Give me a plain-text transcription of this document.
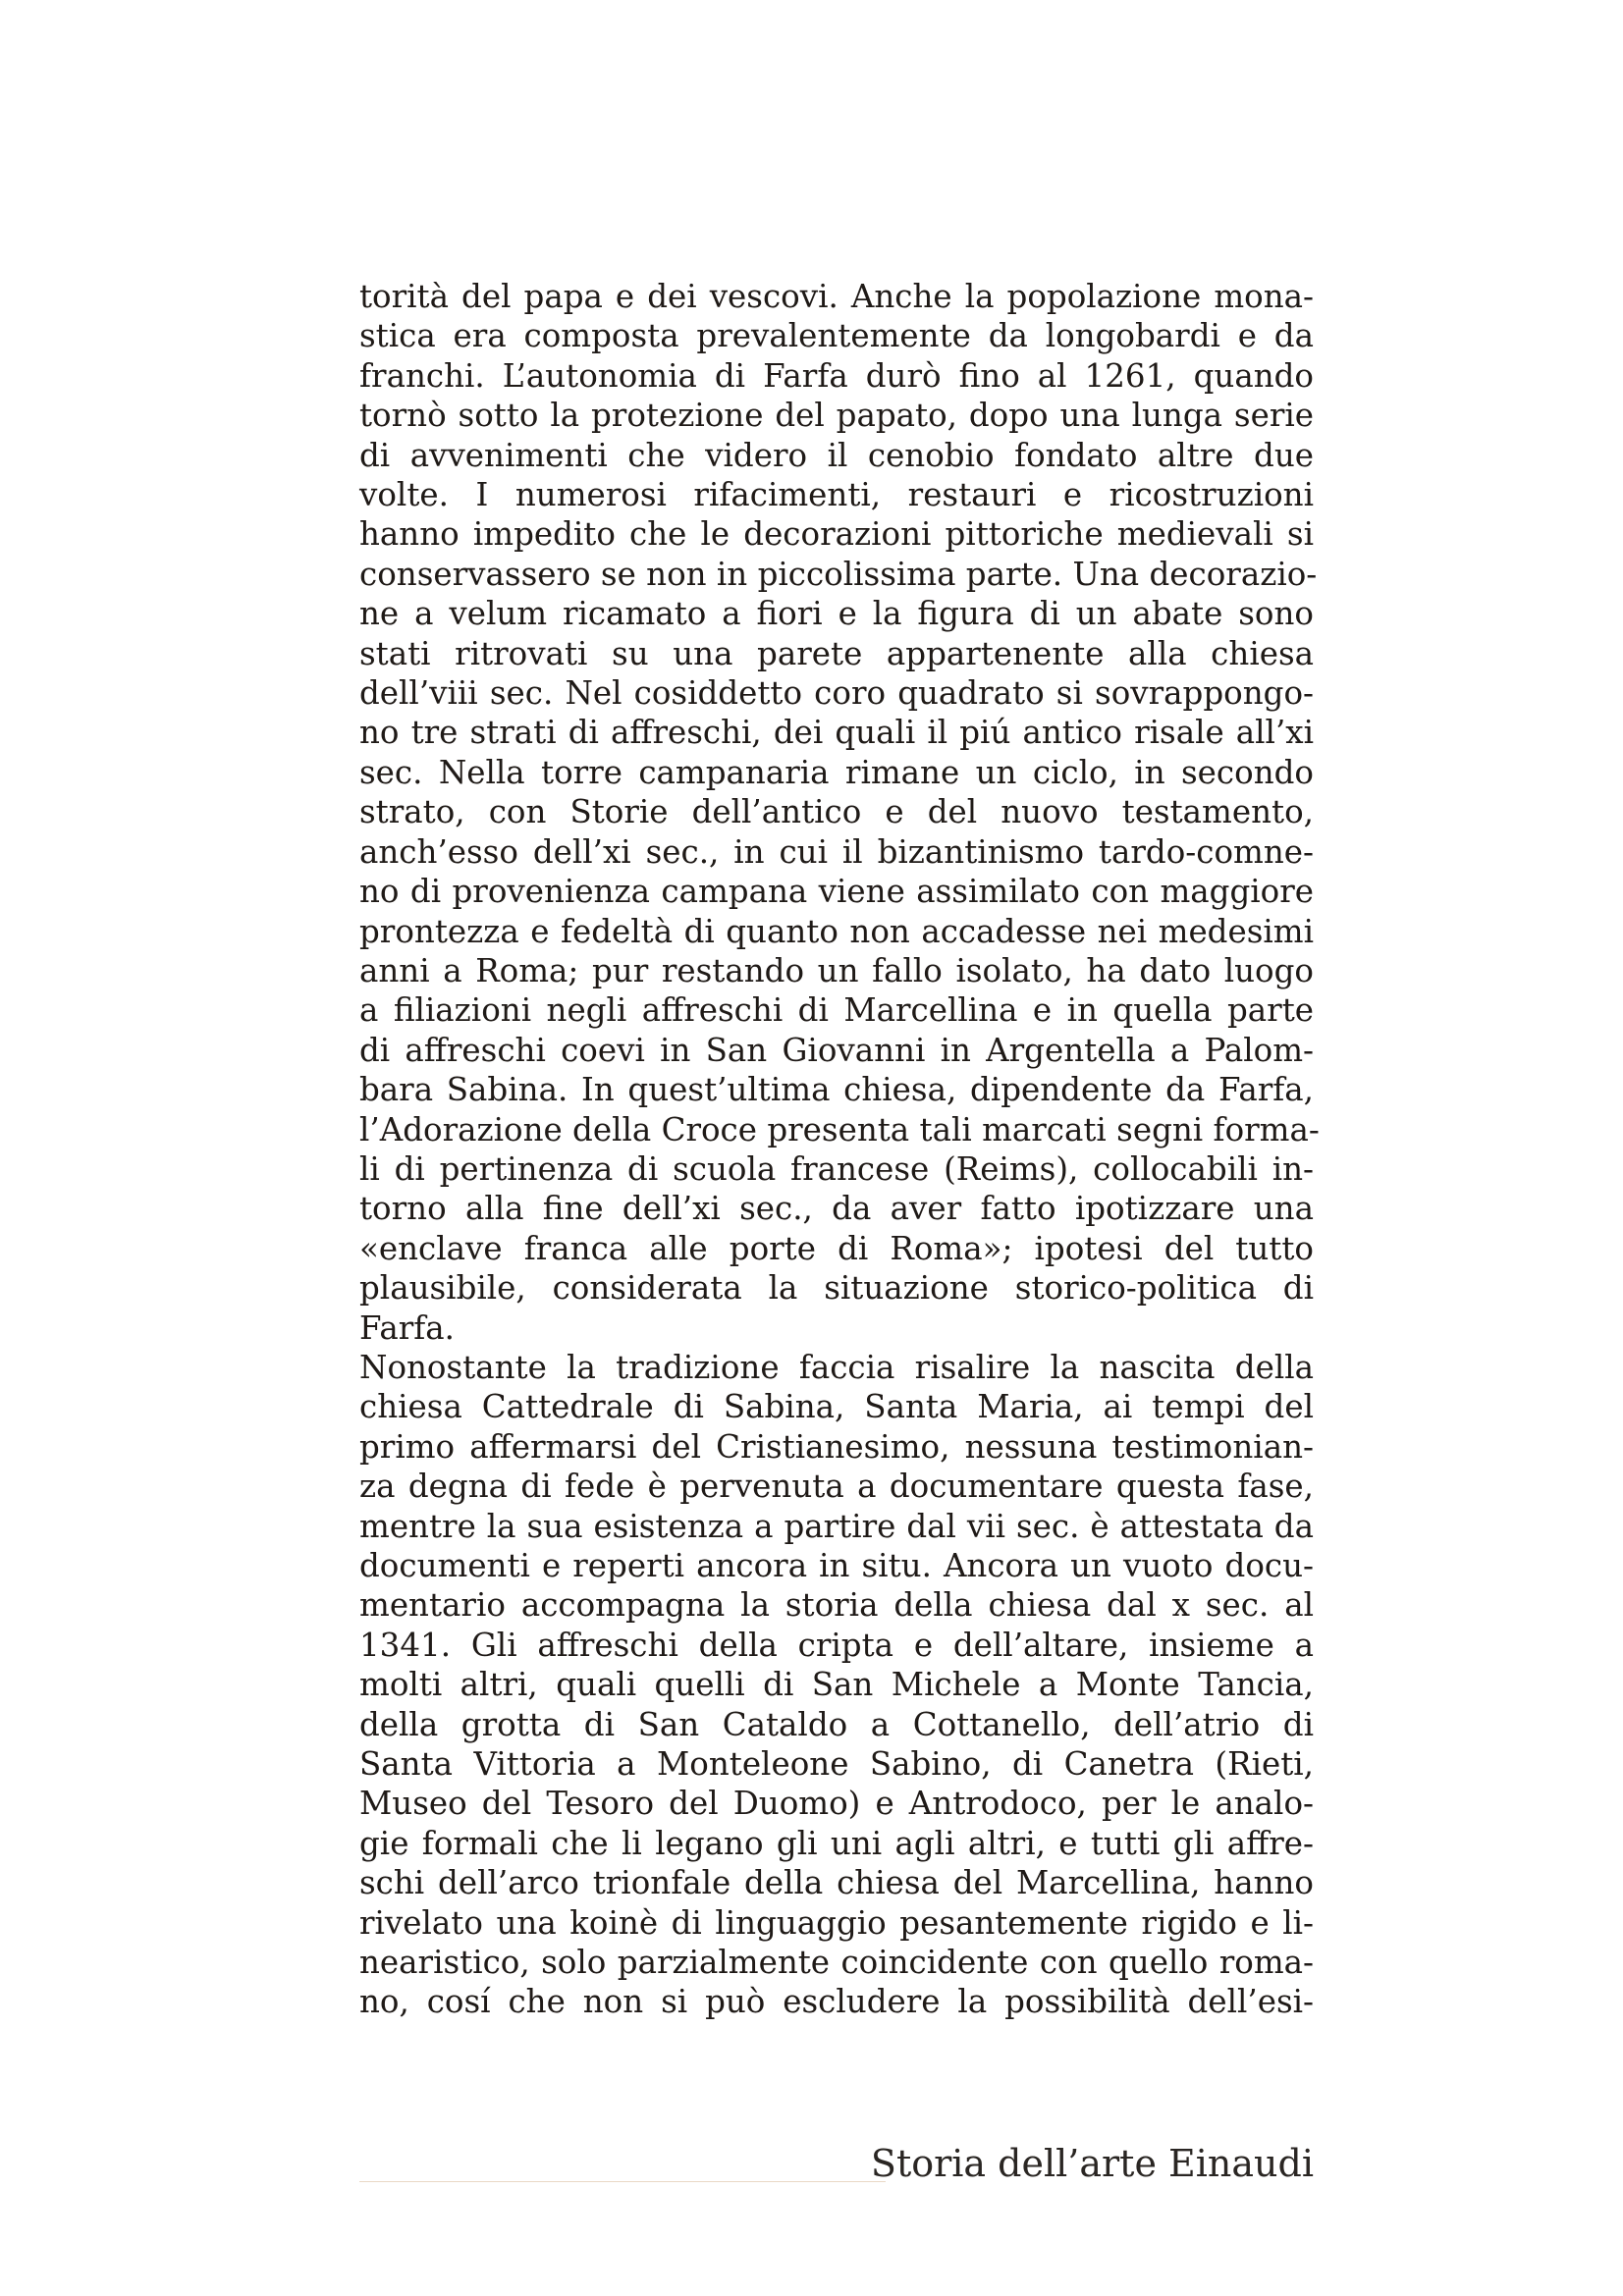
torità del papa e dei vescovi. Anche la popolazione mona-
stica era composta prevalentemente da longobardi e da
franchi. L’autonomia di Farfa durò fino al 1261, quando
tornò sotto la protezione del papato, dopo una lunga serie
di avvenimenti che videro il cenobio fondato altre due
volte. I numerosi rifacimenti, restauri e ricostruzioni
hanno impedito che le decorazioni pittoriche medievali si
conservassero se non in piccolissima parte. Una decorazio-
ne a velum ricamato a fiori e la figura di un abate sono
stati ritrovati su una parete appartenente alla chiesa
dell’viii sec. Nel cosiddetto coro quadrato si sovrappongo-
no tre strati di affreschi, dei quali il piú antico risale all’xi
sec. Nella torre campanaria rimane un ciclo, in secondo
strato, con Storie dell’antico e del nuovo testamento,
anch’esso dell’xi sec., in cui il bizantinismo tardo-comne-
no di provenienza campana viene assimilato con maggiore
prontezza e fedeltà di quanto non accadesse nei medesimi
anni a Roma; pur restando un fallo isolato, ha dato luogo
a filiazioni negli affreschi di Marcellina e in quella parte
di affreschi coevi in San Giovanni in Argentella a Palom-
bara Sabina. In quest’ultima chiesa, dipendente da Farfa,
l’Adorazione della Croce presenta tali marcati segni forma-
li di pertinenza di scuola francese (Reims), collocabili in-
torno alla fine dell’xi sec., da aver fatto ipotizzare una
«enclave franca alle porte di Roma»; ipotesi del tutto
plausibile, considerata la situazione storico-politica di
Farfa.
Nonostante la tradizione faccia risalire la nascita della
chiesa Cattedrale di Sabina, Santa Maria, ai tempi del
primo affermarsi del Cristianesimo, nessuna testimonian-
za degna di fede è pervenuta a documentare questa fase,
mentre la sua esistenza a partire dal vii sec. è attestata da
documenti e reperti ancora in situ. Ancora un vuoto docu-
mentario accompagna la storia della chiesa dal x sec. al
1341. Gli affreschi della cripta e dell’altare, insieme a
molti altri, quali quelli di San Michele a Monte Tancia,
della grotta di San Cataldo a Cottanello, dell’atrio di
Santa Vittoria a Monteleone Sabino, di Canetra (Rieti,
Museo del Tesoro del Duomo) e Antrodoco, per le analo-
gie formali che li legano gli uni agli altri, e tutti gli affre-
schi dell’arco trionfale della chiesa del Marcellina, hanno
rivelato una koinè di linguaggio pesantemente rigido e li-
nearistico, solo parzialmente coincidente con quello roma-
no, cosí che non si può escludere la possibilità dell’esi-
Storia dell’arte Einaudi
